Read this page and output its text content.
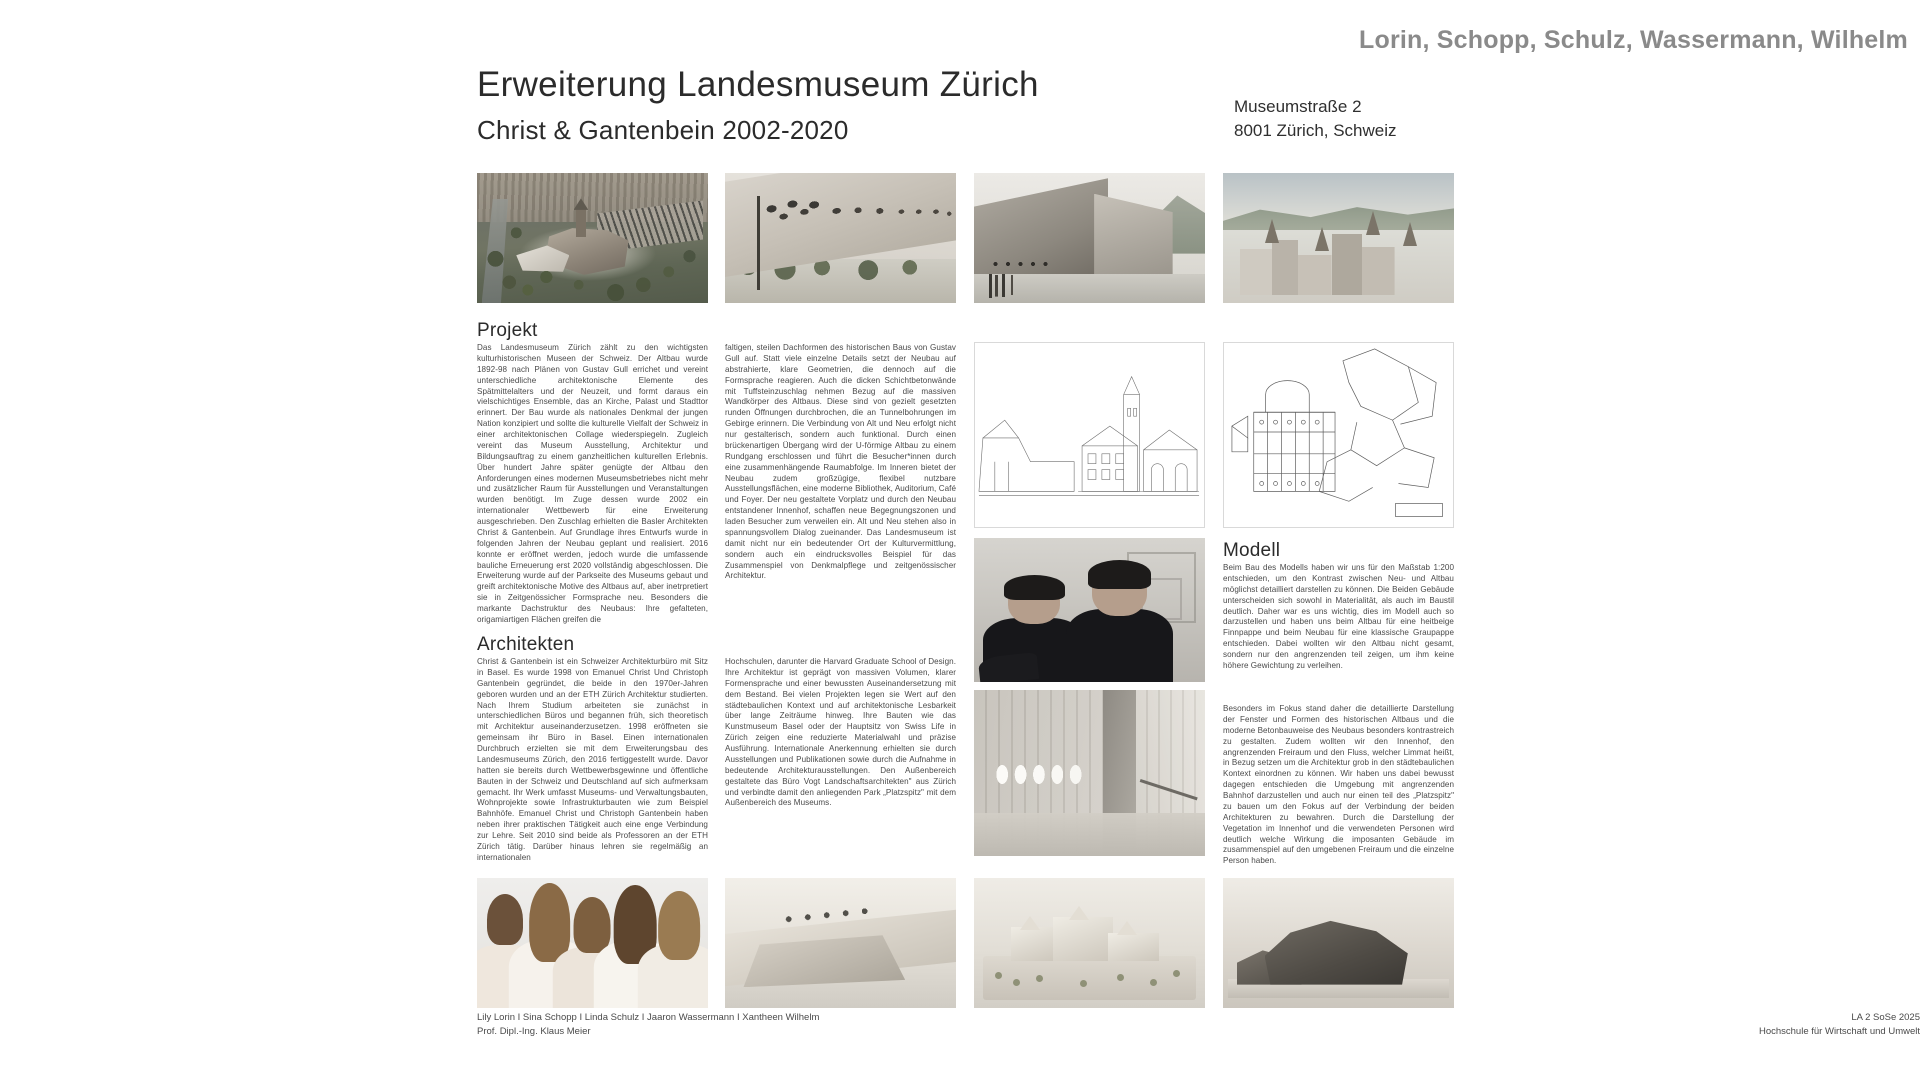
Lorin, Schopp, Schulz, Wassermann, Wilhelm
Erweiterung Landesmuseum Zürich
Christ & Gantenbein 2002-2020
Museumstraße 2
8001 Zürich, Schweiz
Projekt
Das Landesmuseum Zürich zählt zu den wichtigsten kulturhistorischen Museen der Schweiz. Der Altbau wurde 1892-98 nach Plänen von Gustav Gull errichet und vereint unterschiedliche architektonische Elemente des Spätmittelalters und der Neuzeit, und formt daraus ein vielschichtiges Ensemble, das an Kirche, Palast und Stadttor erinnert. Der Bau wurde als nationales Denkmal der jungen Nation konzipiert und sollte die kulturelle Vielfalt der Schweiz in einer architektonischen Collage wiederspiegeln. Zugleich vereint das Museum Ausstellung, Architektur und Bildungsauftrag zu einem ganzheitlichen kulturellen Erlebnis. Über hundert Jahre später genügte der Altbau den Anforderungen eines modernen Museumsbetriebes nicht mehr und zusätzlicher Raum für Ausstellungen und Veranstaltungen wurden benötigt. Im Zuge dessen wurde 2002 ein internationaler Wettbewerb für eine Erweiterung ausgeschrieben. Den Zuschlag erhielten die Basler Architekten Christ & Gantenbein. Auf Grundlage ihres Entwurfs wurde in folgenden Jahren der Neubau geplant und realisiert. 2016 konnte er eröffnet werden, jedoch wurde die umfassende bauliche Erneuerung erst 2020 vollständig abgeschlossen. Die Erweiterung wurde auf der Parkseite des Museums gebaut und greift architektonische Motive des Altbaus auf, aber inetrpretiert sie in Zeitgenössicher Formsprache neu. Besonders die markante Dachstruktur des Neubaus: Ihre gefalteten, origamiartigen Flächen greifen die
faltigen, steilen Dachformen des historischen Baus von Gustav Gull auf. Statt viele einzelne Details setzt der Neubau auf abstrahierte, klare Geometrien, die dennoch auf die Formsprache reagieren. Auch die dicken Schichtbetonwände mit Tuffsteinzuschlag nehmen Bezug auf die massiven Wandkörper des Altbaus. Diese sind von gezielt gesetzten runden Öffnungen durchbrochen, die an Tunnelbohrungen im Gebirge erinnern. Die Verbindung von Alt und Neu erfolgt nicht nur gestalterisch, sondern auch funktional. Durch einen brückenartigen Übergang wird der U-förmige Altbau zu einem Rundgang erschlossen und führt die Besucher*innen durch eine zusammenhängende Raumabfolge. Im Inneren bietet der Neubau zudem großzügige, flexibel nutzbare Ausstellungsflächen, eine moderne Bibliothek, Auditorium, Café und Foyer. Der neu gestaltete Vorplatz und durch den Neubau entstandener Innenhof, schaffen neue Begegnungszonen und laden Besucher zum verweilen ein. Alt und Neu stehen also in spannungsvollem Dialog zueinander. Das Landesmuseum ist damit nicht nur ein bedeutender Ort der Kulturvermittlung, sondern auch ein eindrucksvolles Beispiel für das Zusammenspiel von Denkmalpflege und zeitgenössischer Architektur.
Modell
Beim Bau des Modells haben wir uns für den Maßstab 1:200 entschieden, um den Kontrast zwischen Neu- und Altbau möglichst detailliert darstellen zu können. Die Beiden Gebäude unterscheiden sich sowohl in Materialität, als auch im Baustil deutlich. Daher war es uns wichtig, dies im Modell auch so darzustellen und haben uns beim Altbau für eine heitbeige Finnpappe und beim Neubau für eine klassische Graupappe entschieden. Dabei wollten wir den Altbau nicht gesamt, sondern nur den angrenzenden teil zeigen, um ihm keine höhere Gewichtung zu verleihen.
Besonders im Fokus stand daher die detaillierte Darstellung der Fenster und Formen des historischen Altbaus und die moderne Betonbauweise des Neubaus besonders kontrastreich zu gestalten. Zudem wollten wir den Innenhof, den angrenzenden Freiraum und den Fluss, welcher Limmat heißt, in Bezug setzen um die Architektur grob in den städtebaulichen Kontext einordnen zu können. Wir haben uns dabei bewusst dagegen entschieden die Umgebung mit angrenzenden Bahnhof darzustellen und auch nur einen teil des „Platzspitz" zu bauen um den Fokus auf der Verbindung der beiden Architekturen zu bewahren. Durch die Darstellung der Vegetation im Innenhof und die verwendeten Personen wird deutlich welche Wirkung die imposanten Gebäude im zusammenspiel auf den umgebenen Freiraum und die einzelne Person haben.
Architekten
Christ & Gantenbein ist ein Schweizer Architekturbüro mit Sitz in Basel. Es wurde 1998 von Emanuel Christ Und Christoph Gantenbein gegründet, die beide in den 1970er-Jahren geboren wurden und an der ETH Zürich Architektur studierten. Nach Ihrem Studium arbeiteten sie zunächst in unterschiedlichen Büros und begannen früh, sich theoretisch mit Architektur auseinanderzusetzen. 1998 eröffneten sie gemeinsam ihr Büro in Basel. Einen internationalen Durchbruch erzielten sie mit dem Erweiterungsbau des Landesmuseums Zürich, den 2016 fertiggestellt wurde. Davor hatten sie bereits durch Wettbewerbsgewinne und öffentliche Bauten in der Schweiz und Deutschland auf sich aufmerksam gemacht. Ihr Werk umfasst Museums- und Verwaltungsbauten, Wohnprojekte sowie Infrastrukturbauten wie zum Beispiel Bahnhöfe. Emanuel Christ und Christoph Gantenbein haben neben ihrer praktischen Tätigkeit auch eine enge Verbindung zur Lehre. Seit 2010 sind beide als Professoren an der ETH Zürich tätig. Darüber hinaus lehren sie regelmäßig an internationalen
Hochschulen, darunter die Harvard Graduate School of Design. Ihre Architektur ist geprägt von massiven Volumen, klarer Formensprache und einer bewussten Auseinandersetzung mit dem Bestand. Bei vielen Projekten legen sie Wert auf den städtebaulichen Kontext und auf architektonische Lesbarkeit über lange Zeiträume hinweg. Ihre Bauten wie das Kunstmuseum Basel oder der Hauptsitz von Swiss Life in Zürich zeigen eine reduzierte Materialwahl und präzise Ausführung. Internationale Anerkennung erhielten sie durch Ausstellungen und Publikationen sowie durch die Aufnahme in bedeutende Architekturausstellungen. Den Außenbereich gestaltete das Büro Vogt Landschaftsarchitekten" aus Zürich und verbindte damit den anliegenden Park „Platzspitz" mit dem Außenbereich des Museums.
Lily Lorin I Sina Schopp I Linda Schulz I Jaaron Wassermann I Xantheen Wilhelm
Prof. Dipl.-Ing. Klaus Meier
LA 2 SoSe 2025
Hochschule für Wirtschaft und Umwelt
